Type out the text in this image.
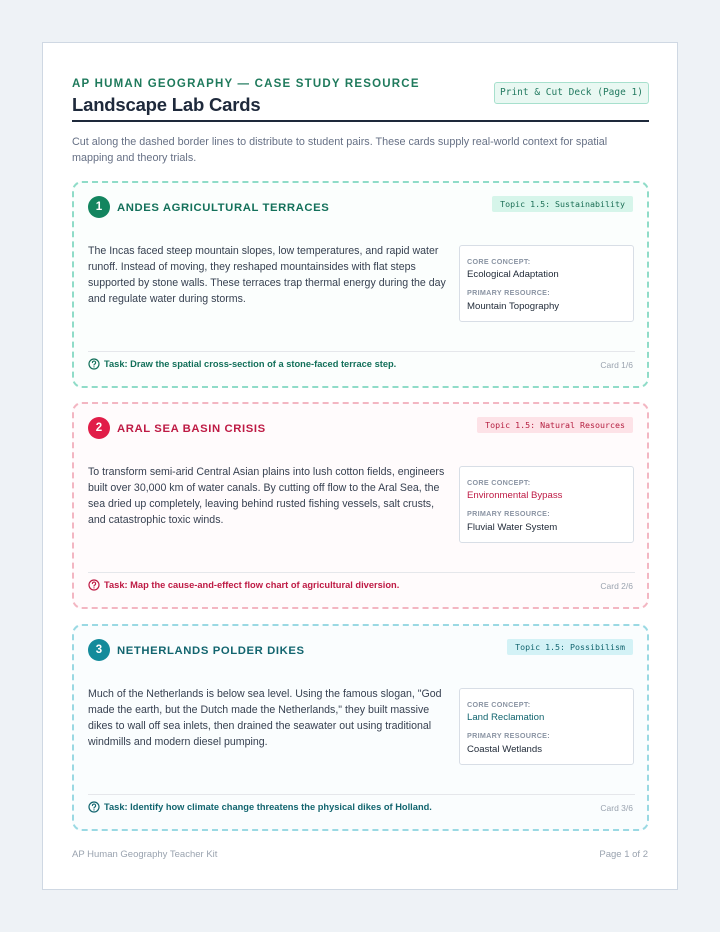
AP HUMAN GEOGRAPHY — CASE STUDY RESOURCE
Landscape Lab Cards
Print & Cut Deck (Page 1)
Cut along the dashed border lines to distribute to student pairs. These cards supply real-world context for spatial mapping and theory trials.
1	ANDES AGRICULTURAL TERRACES	Topic 1.5: Sustainability
The Incas faced steep mountain slopes, low temperatures, and rapid water runoff. Instead of moving, they reshaped mountainsides with flat steps supported by stone walls. These terraces trap thermal energy during the day and regulate water during storms.
CORE CONCEPT:
Ecological Adaptation
PRIMARY RESOURCE:
Mountain Topography
Task: Draw the spatial cross-section of a stone-faced terrace step.	Card 1/6
2	ARAL SEA BASIN CRISIS	Topic 1.5: Natural Resources
To transform semi-arid Central Asian plains into lush cotton fields, engineers built over 30,000 km of water canals. By cutting off flow to the Aral Sea, the sea dried up completely, leaving behind rusted fishing vessels, salt crusts, and catastrophic toxic winds.
CORE CONCEPT:
Environmental Bypass
PRIMARY RESOURCE:
Fluvial Water System
Task: Map the cause-and-effect flow chart of agricultural diversion.	Card 2/6
3	NETHERLANDS POLDER DIKES	Topic 1.5: Possibilism
Much of the Netherlands is below sea level. Using the famous slogan, "God made the earth, but the Dutch made the Netherlands," they built massive dikes to wall off sea inlets, then drained the seawater out using traditional windmills and modern diesel pumping.
CORE CONCEPT:
Land Reclamation
PRIMARY RESOURCE:
Coastal Wetlands
Task: Identify how climate change threatens the physical dikes of Holland.	Card 3/6
AP Human Geography Teacher Kit	Page 1 of 2
